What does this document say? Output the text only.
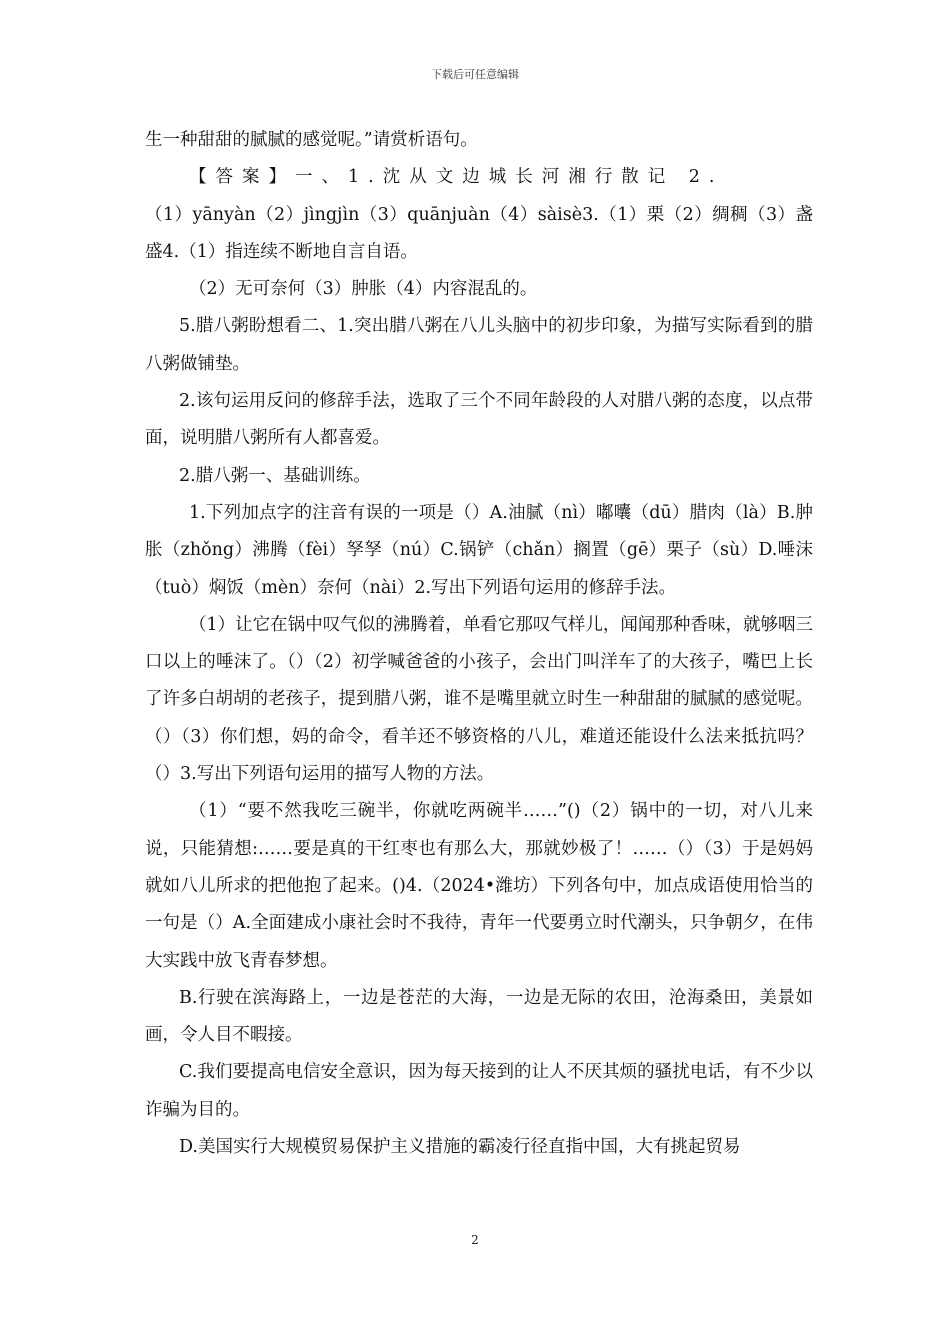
下载后可任意编辑

生一种甜甜的腻腻的感觉呢。”请赏析语句。

【答案】一、1.沈从文边城长河湘行散记 2.

（1）yānyàn（2）jìngjìn（3）quānjuàn（4）sàisè3.（1）栗（2）绸稠（3）盏盛4.（1）指连续不断地自言自语。

（2）无可奈何（3）肿胀（4）内容混乱的。

5.腊八粥盼想看二、1.突出腊八粥在八儿头脑中的初步印象，为描写实际看到的腊八粥做铺垫。

2.该句运用反问的修辞手法，选取了三个不同年龄段的人对腊八粥的态度，以点带面，说明腊八粥所有人都喜爱。

2.腊八粥一、基础训练。

1.下列加点字的注音有误的一项是（）A.油腻（nì）嘟囔（dū）腊肉（là）B.肿胀（zhǒng）沸腾（fèi）孥孥（nú）C.锅铲（chǎn）搁置（gē）栗子（sù）D.唾沫（tuò）焖饭（mèn）奈何（nài）2.写出下列语句运用的修辞手法。

（1）让它在锅中叹气似的沸腾着，单看它那叹气样儿，闻闻那种香味，就够咽三口以上的唾沫了。（）（2）初学喊爸爸的小孩子，会出门叫洋车了的大孩子，嘴巴上长了许多白胡胡的老孩子，提到腊八粥，谁不是嘴里就立时生一种甜甜的腻腻的感觉呢。（）（3）你们想，妈的命令，看羊还不够资格的八儿，难道还能设什么法来抵抗吗？（）3.写出下列语句运用的描写人物的方法。

（1）“要不然我吃三碗半，你就吃两碗半……”()（2）锅中的一切，对八儿来说，只能猜想:……要是真的干红枣也有那么大，那就妙极了！……（）（3）于是妈妈就如八儿所求的把他抱了起来。()4.（2024•潍坊）下列各句中，加点成语使用恰当的一句是（）A.全面建成小康社会时不我待，青年一代要勇立时代潮头，只争朝夕，在伟大实践中放飞青春梦想。

B.行驶在滨海路上，一边是苍茫的大海，一边是无际的农田，沧海桑田，美景如画，令人目不暇接。

C.我们要提高电信安全意识，因为每天接到的让人不厌其烦的骚扰电话，有不少以诈骗为目的。

D.美国实行大规模贸易保护主义措施的霸凌行径直指中国，大有挑起贸易

2
